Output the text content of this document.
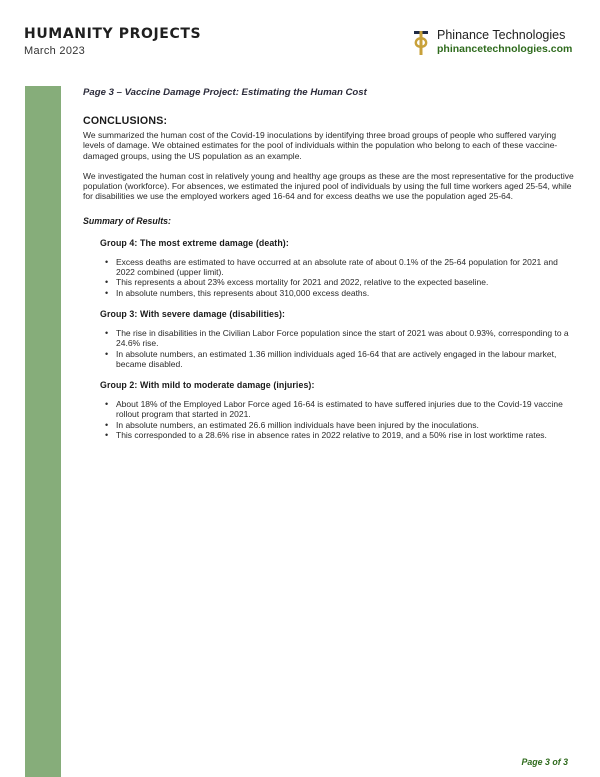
HUMANITY PROJECTS
March 2023
Phinance Technologies
phinancetechnologies.com
Page 3 – Vaccine Damage Project: Estimating the Human Cost
CONCLUSIONS:

We summarized the human cost of the Covid-19 inoculations by identifying three broad groups of people who suffered varying levels of damage. We obtained estimates for the pool of individuals within the population who belong to each of these vaccine-damaged groups, using the US population as an example.

We investigated the human cost in relatively young and healthy age groups as these are the most representative for the productive population (workforce). For absences, we estimated the injured pool of individuals by using the full time workers aged 25-54, while for disabilities we use the employed workers aged 16-64 and for excess deaths we use the population aged 25-64.

Summary of Results:
Group 4: The most extreme damage (death):
• Excess deaths are estimated to have occurred at an absolute rate of about 0.1% of the 25-64 population for 2021 and 2022 combined (upper limit).
• This represents a about 23% excess mortality for 2021 and 2022, relative to the expected baseline.
• In absolute numbers, this represents about 310,000 excess deaths.
Group 3: With severe damage (disabilities):
• The rise in disabilities in the Civilian Labor Force population since the start of 2021 was about 0.93%, corresponding to a 24.6% rise.
• In absolute numbers, an estimated 1.36 million individuals aged 16-64 that are actively engaged in the labour market, became disabled.
Group 2: With mild to moderate damage (injuries):
• About 18% of the Employed Labor Force aged 16-64 is estimated to have suffered injuries due to the Covid-19 vaccine rollout program that started in 2021.
• In absolute numbers, an estimated 26.6 million individuals have been injured by the inoculations.
• This corresponded to a 28.6% rise in absence rates in 2022 relative to 2019, and a 50% rise in lost worktime rates.
Page 3 of 3
